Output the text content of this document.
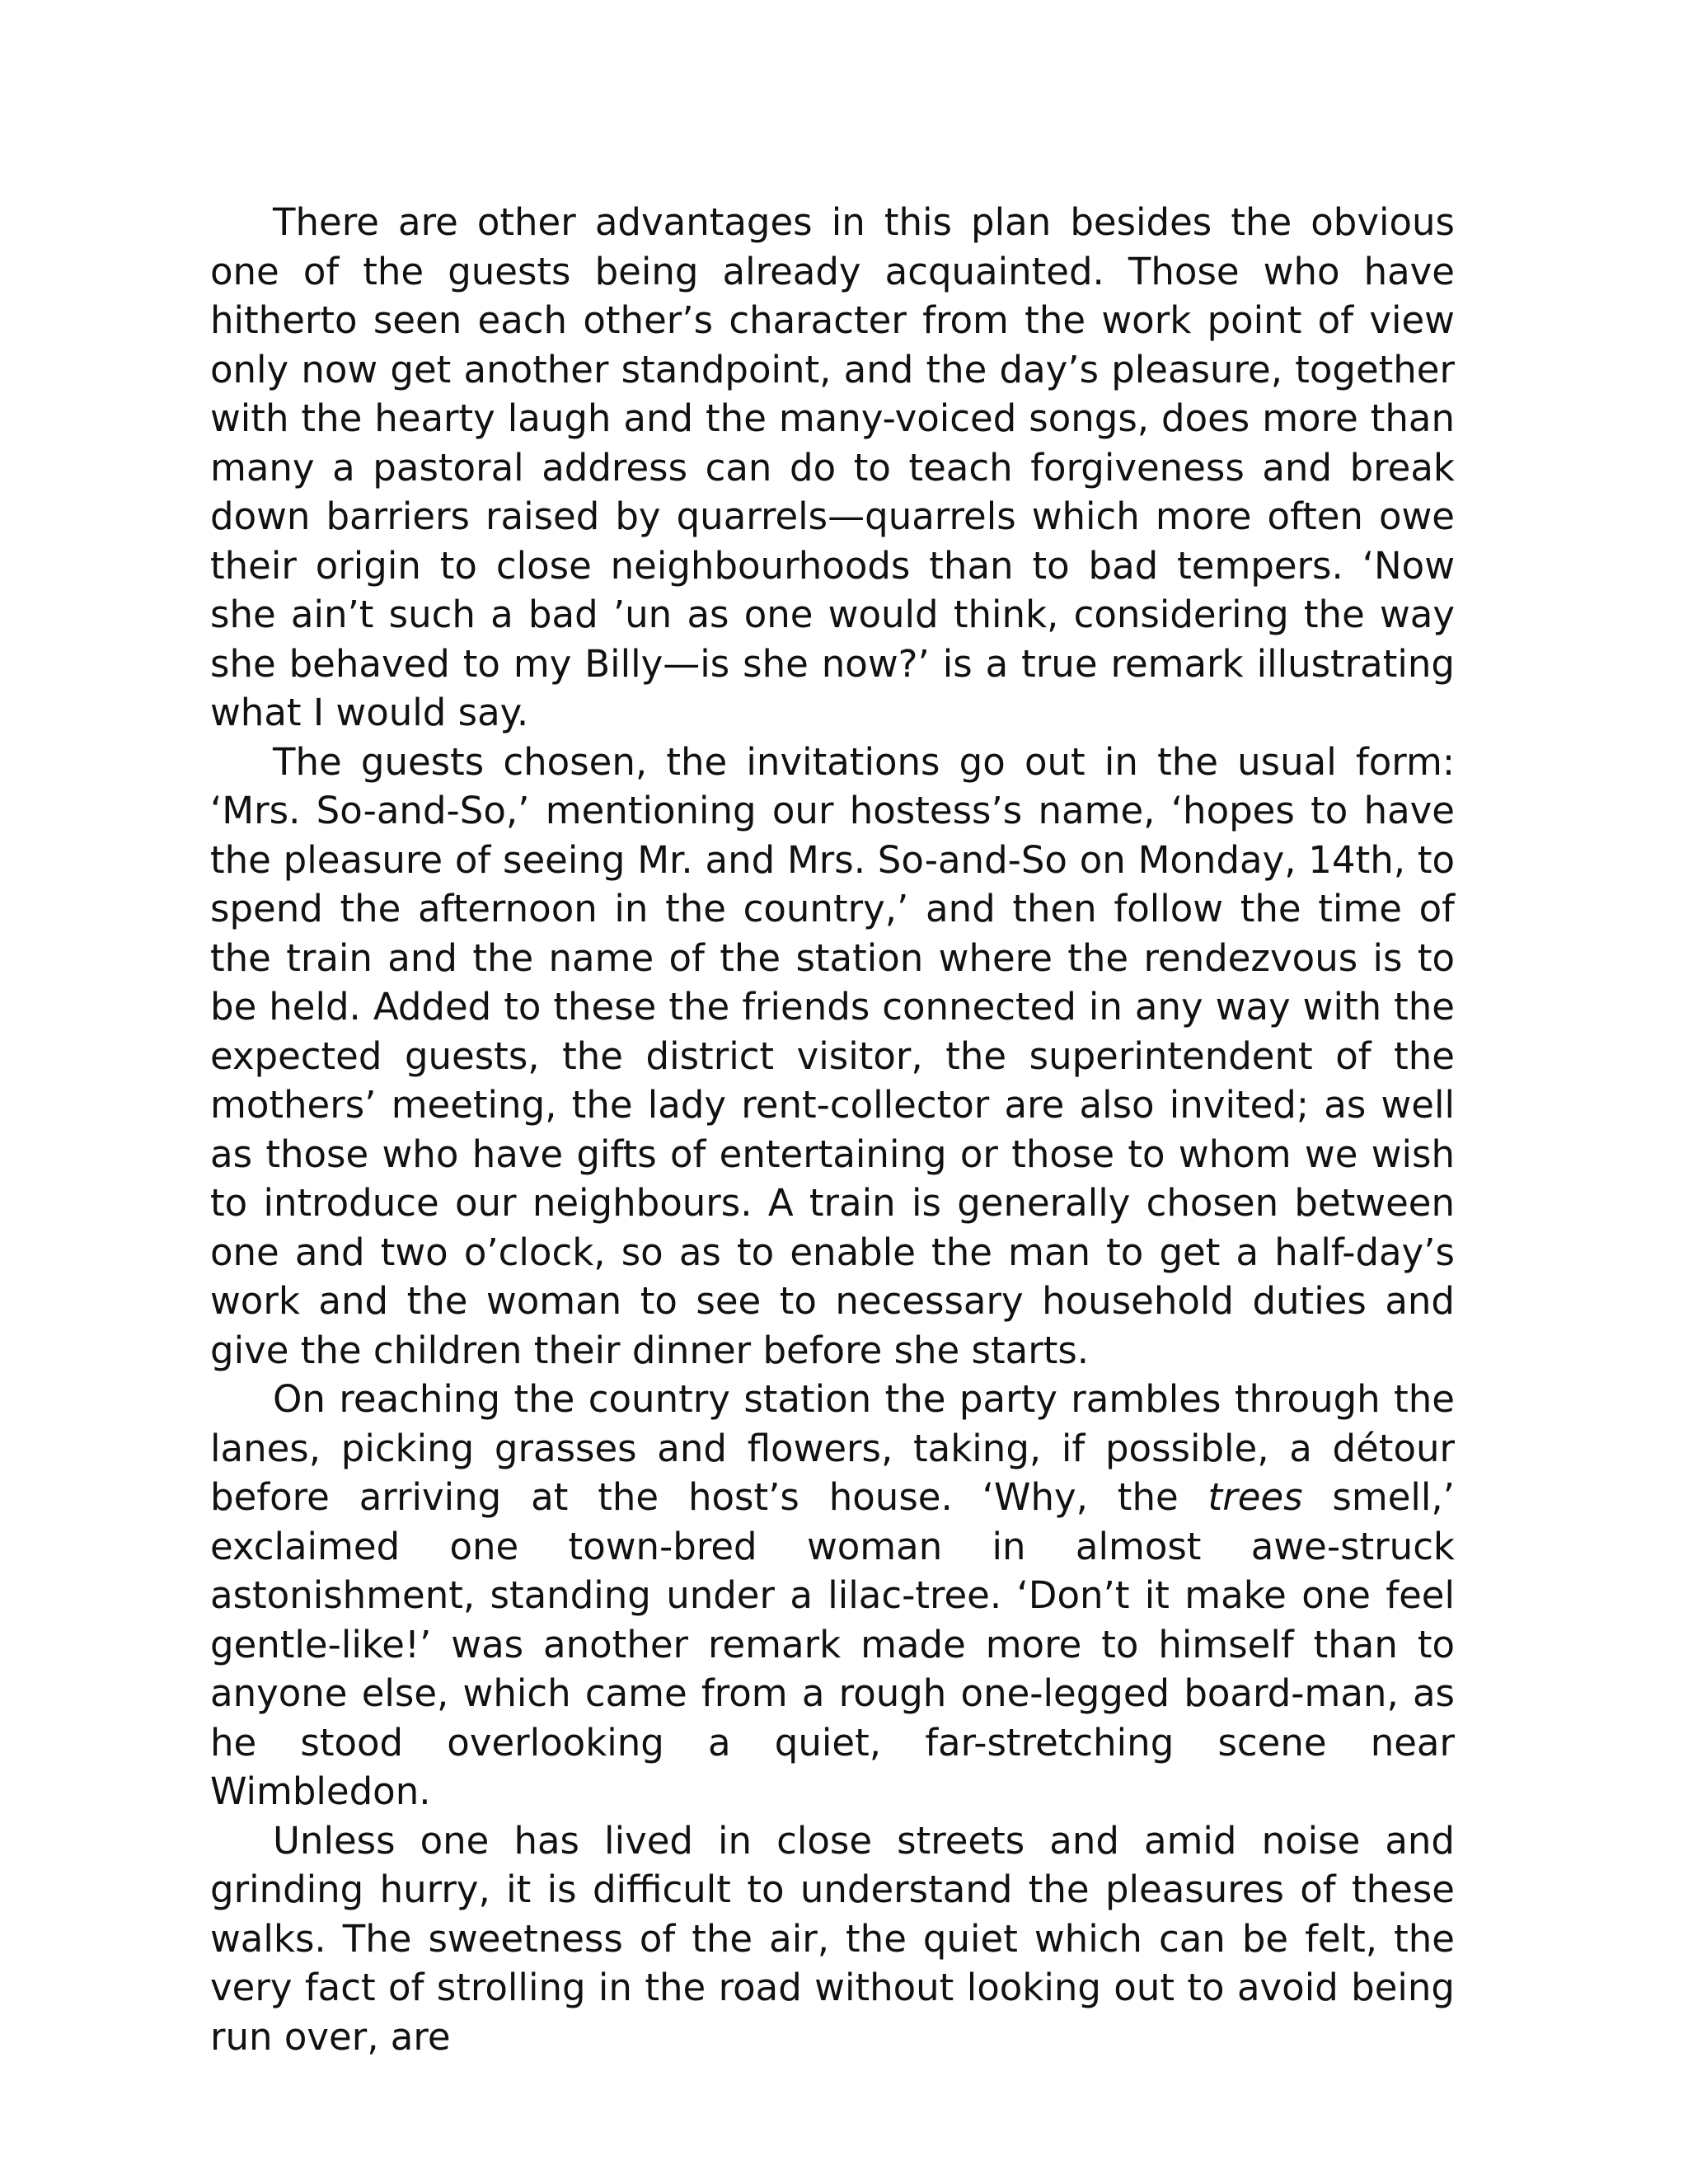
There are other advantages in this plan besides the obvious one of the guests being already acquainted. Those who have hitherto seen each other’s character from the work point of view only now get another standpoint, and the day’s pleasure, together with the hearty laugh and the many-voiced songs, does more than many a pastoral address can do to teach forgiveness and break down barriers raised by quarrels—quarrels which more often owe their origin to close neighbourhoods than to bad tempers. ‘Now she ain’t such a bad ’un as one would think, considering the way she behaved to my Billy—is she now?’ is a true remark illustrating what I would say.

The guests chosen, the invitations go out in the usual form: ‘Mrs. So-and-So,’ mentioning our hostess’s name, ‘hopes to have the pleasure of seeing Mr. and Mrs. So-and-So on Monday, 14th, to spend the afternoon in the country,’ and then follow the time of the train and the name of the station where the rendezvous is to be held. Added to these the friends connected in any way with the expected guests, the district visitor, the superintendent of the mothers’ meeting, the lady rent-collector are also invited; as well as those who have gifts of entertaining or those to whom we wish to introduce our neighbours. A train is generally chosen between one and two o’clock, so as to enable the man to get a half-day’s work and the woman to see to necessary household duties and give the children their dinner before she starts.

On reaching the country station the party rambles through the lanes, picking grasses and flowers, taking, if possible, a détour before arriving at the host’s house. ‘Why, the trees smell,’ exclaimed one town-bred woman in almost awe-struck astonishment, standing under a lilac-tree. ‘Don’t it make one feel gentle-like!’ was another remark made more to himself than to anyone else, which came from a rough one-legged board-man, as he stood overlooking a quiet, far-stretching scene near Wimbledon.

Unless one has lived in close streets and amid noise and grinding hurry, it is difficult to understand the pleasures of these walks. The sweetness of the air, the quiet which can be felt, the very fact of strolling in the road without looking out to avoid being run over, are
